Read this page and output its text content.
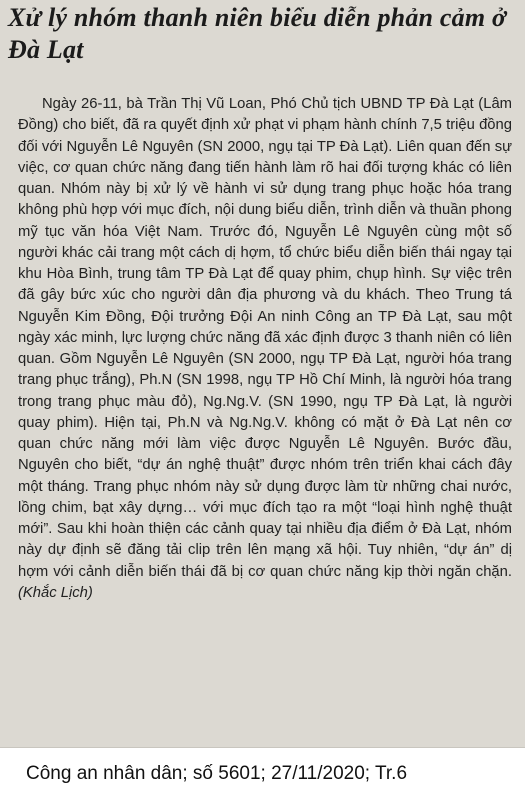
Xử lý nhóm thanh niên biểu diễn phản cảm ở Đà Lạt

Ngày 26-11, bà Trần Thị Vũ Loan, Phó Chủ tịch UBND TP Đà Lạt (Lâm Đồng) cho biết, đã ra quyết định xử phạt vi phạm hành chính 7,5 triệu đồng đối với Nguyễn Lê Nguyên (SN 2000, ngụ tại TP Đà Lạt). Liên quan đến sự việc, cơ quan chức năng đang tiến hành làm rõ hai đối tượng khác có liên quan. Nhóm này bị xử lý về hành vi sử dụng trang phục hoặc hóa trang không phù hợp với mục đích, nội dung biểu diễn, trình diễn và thuần phong mỹ tục văn hóa Việt Nam. Trước đó, Nguyễn Lê Nguyên cùng một số người khác cải trang một cách dị hợm, tổ chức biểu diễn biến thái ngay tại khu Hòa Bình, trung tâm TP Đà Lạt để quay phim, chụp hình. Sự việc trên đã gây bức xúc cho người dân địa phương và du khách. Theo Trung tá Nguyễn Kim Đồng, Đội trưởng Đội An ninh Công an TP Đà Lạt, sau một ngày xác minh, lực lượng chức năng đã xác định được 3 thanh niên có liên quan. Gồm Nguyễn Lê Nguyên (SN 2000, ngụ TP Đà Lạt, người hóa trang trang phục trắng), Ph.N (SN 1998, ngụ TP Hồ Chí Minh, là người hóa trang trong trang phục màu đỏ), Ng.Ng.V. (SN 1990, ngụ TP Đà Lạt, là người quay phim). Hiện tại, Ph.N và Ng.Ng.V. không có mặt ở Đà Lạt nên cơ quan chức năng mới làm việc được Nguyễn Lê Nguyên. Bước đầu, Nguyên cho biết, “dự án nghệ thuật” được nhóm trên triển khai cách đây một tháng. Trang phục nhóm này sử dụng được làm từ những chai nước, lồng chim, bạt xây dựng… với mục đích tạo ra một “loại hình nghệ thuật mới”. Sau khi hoàn thiện các cảnh quay tại nhiều địa điểm ở Đà Lạt, nhóm này dự định sẽ đăng tải clip trên lên mạng xã hội. Tuy nhiên, “dự án” dị hợm với cảnh diễn biến thái đã bị cơ quan chức năng kịp thời ngăn chặn. (Khắc Lịch)

Công an nhân dân; số 5601; 27/11/2020; Tr.6
